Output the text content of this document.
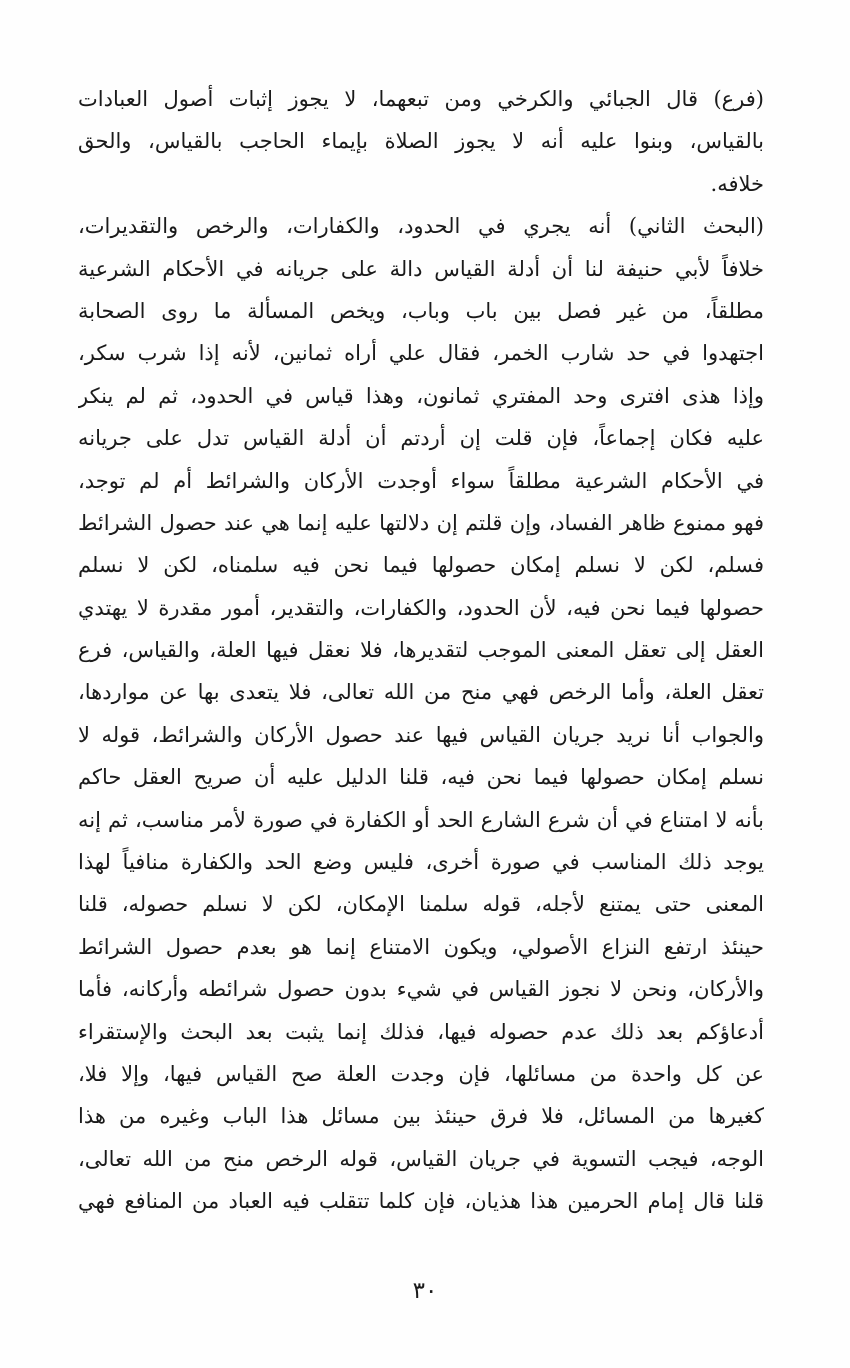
(فرع) قال الجبائي والكرخي ومن تبعهما، لا يجوز إثبات أصول العبادات
بالقياس، وبنوا عليه أنه لا يجوز الصلاة بإيماء الحاجب بالقياس، والحق
خلافه.
(البحث الثاني) أنه يجري في الحدود، والكفارات، والرخص والتقديرات،
خلافاً لأبي حنيفة لنا أن أدلة القياس دالة على جريانه في الأحكام الشرعية
مطلقاً، من غير فصل بين باب وباب، ويخص المسألة ما روى الصحابة
اجتهدوا في حد شارب الخمر، فقال علي أراه ثمانين، لأنه إذا شرب سكر،
وإذا هذى افترى وحد المفتري ثمانون، وهذا قياس في الحدود، ثم لم ينكر
عليه فكان إجماعاً، فإن قلت إن أردتم أن أدلة القياس تدل على جريانه
في الأحكام الشرعية مطلقاً سواء أوجدت الأركان والشرائط أم لم توجد،
فهو ممنوع ظاهر الفساد، وإن قلتم إن دلالتها عليه إنما هي عند حصول الشرائط
فسلم، لكن لا نسلم إمكان حصولها فيما نحن فيه سلمناه، لكن لا نسلم
حصولها فيما نحن فيه، لأن الحدود، والكفارات، والتقدير، أمور مقدرة لا يهتدي
العقل إلى تعقل المعنى الموجب لتقديرها، فلا نعقل فيها العلة، والقياس، فرع
تعقل العلة، وأما الرخص فهي منح من الله تعالى، فلا يتعدى بها عن مواردها،
والجواب أنا نريد جريان القياس فيها عند حصول الأركان والشرائط، قوله لا
نسلم إمكان حصولها فيما نحن فيه، قلنا الدليل عليه أن صريح العقل حاكم
بأنه لا امتناع في أن شرع الشارع الحد أو الكفارة في صورة لأمر مناسب، ثم إنه
يوجد ذلك المناسب في صورة أخرى، فليس وضع الحد والكفارة منافياً لهذا
المعنى حتى يمتنع لأجله، قوله سلمنا الإمكان، لكن لا نسلم حصوله، قلنا
حينئذ ارتفع النزاع الأصولي، ويكون الامتناع إنما هو بعدم حصول الشرائط
والأركان، ونحن لا نجوز القياس في شيء بدون حصول شرائطه وأركانه، فأما
أدعاؤكم بعد ذلك عدم حصوله فيها، فذلك إنما يثبت بعد البحث والإستقراء
عن كل واحدة من مسائلها، فإن وجدت العلة صح القياس فيها، وإلا فلا،
كغيرها من المسائل، فلا فرق حينئذ بين مسائل هذا الباب وغيره من هذا
الوجه، فيجب التسوية في جريان القياس، قوله الرخص منح من الله تعالى،
قلنا قال إمام الحرمين هذا هذيان، فإن كلما تتقلب فيه العباد من المنافع فهي
٣٠
